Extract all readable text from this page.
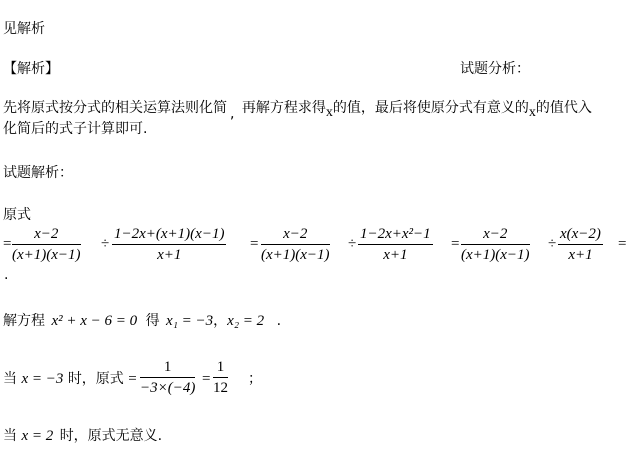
见解析
【解析】	试题分析：
先将原式按分式的相关运算法则化简 , 再解方程求得x的值，最后将使原分式有意义的x的值代入
化简后的式子计算即可.
试题解析：
原式
= $\frac{x-2}{(x+1)(x-1)} \div \frac{1-2x+(x+1)(x-1)}{x+1} = \frac{x-2}{(x+1)(x-1)} \div \frac{\text{1−2x+x²−1}}{x+1} = \frac{x-2}{(x+1)(x-1)} \div \frac{x(x-2)}{x+1}$ =
.
解方程 x² + x − 6 = 0 得 x₁ = −3，x₂ = 2 .
当 x = −3 时，原式 = $\frac{1}{-3\times(-4)} = \frac{1}{12}$ ；
当 x = 2 时，原式无意义.
